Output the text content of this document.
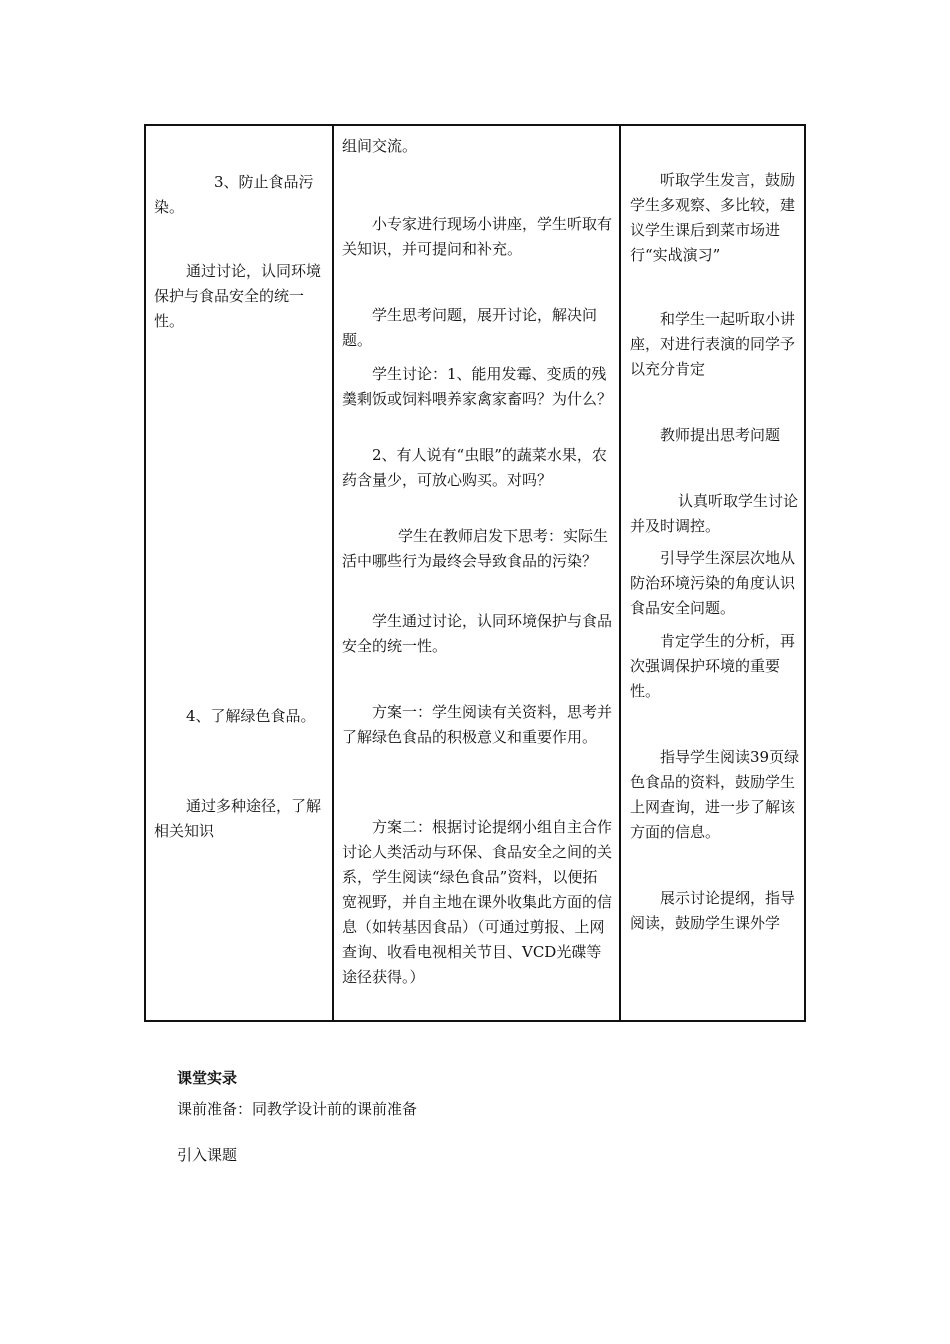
3、防止食品污染。

通过讨论，认同环境保护与食品安全的统一性。

4、了解绿色食品。

通过多种途径，了解相关知识

组间交流。

小专家进行现场小讲座，学生听取有关知识，并可提问和补充。

学生思考问题，展开讨论，解决问题。

学生讨论：1、能用发霉、变质的残羹剩饭或饲料喂养家禽家畜吗？为什么？

2、有人说有“虫眼”的蔬菜水果，农药含量少，可放心购买。对吗？

学生在教师启发下思考：实际生活中哪些行为最终会导致食品的污染？

学生通过讨论，认同环境保护与食品安全的统一性。

方案一：学生阅读有关资料，思考并了解绿色食品的积极意义和重要作用。

方案二：根据讨论提纲小组自主合作讨论人类活动与环保、食品安全之间的关系，学生阅读“绿色食品”资料，以便拓宽视野，并自主地在课外收集此方面的信息（如转基因食品）（可通过剪报、上网查询、收看电视相关节目、VCD光碟等途径获得。）

听取学生发言，鼓励学生多观察、多比较，建议学生课后到菜市场进行“实战演习”

和学生一起听取小讲座，对进行表演的同学予以充分肯定

教师提出思考问题

认真听取学生讨论并及时调控。

引导学生深层次地从防治环境污染的角度认识食品安全问题。

肯定学生的分析，再次强调保护环境的重要性。

指导学生阅读39页绿色食品的资料，鼓励学生上网查询，进一步了解该方面的信息。

展示讨论提纲，指导阅读，鼓励学生课外学

课堂实录

课前准备：同教学设计前的课前准备

引入课题
